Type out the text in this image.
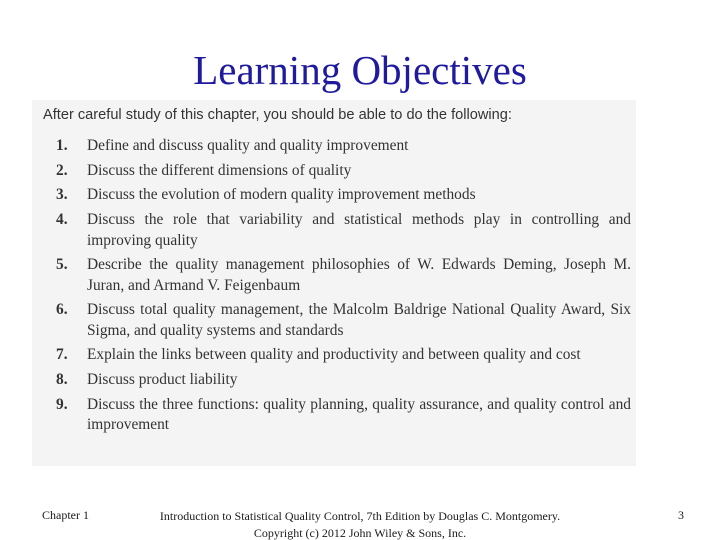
Learning Objectives
After careful study of this chapter, you should be able to do the following:
1.	Define and discuss quality and quality improvement
2.	Discuss the different dimensions of quality
3.	Discuss the evolution of modern quality improvement methods
4.	Discuss the role that variability and statistical methods play in controlling and improving quality
5.	Describe the quality management philosophies of W. Edwards Deming, Joseph M. Juran, and Armand V. Feigenbaum
6.	Discuss total quality management, the Malcolm Baldrige National Quality Award, Six Sigma, and quality systems and standards
7.	Explain the links between quality and productivity and between quality and cost
8.	Discuss product liability
9.	Discuss the three functions: quality planning, quality assurance, and quality control and improvement
Chapter 1	Introduction to Statistical Quality Control, 7th Edition by Douglas C. Montgomery.
Copyright (c) 2012 John Wiley & Sons, Inc.
3
